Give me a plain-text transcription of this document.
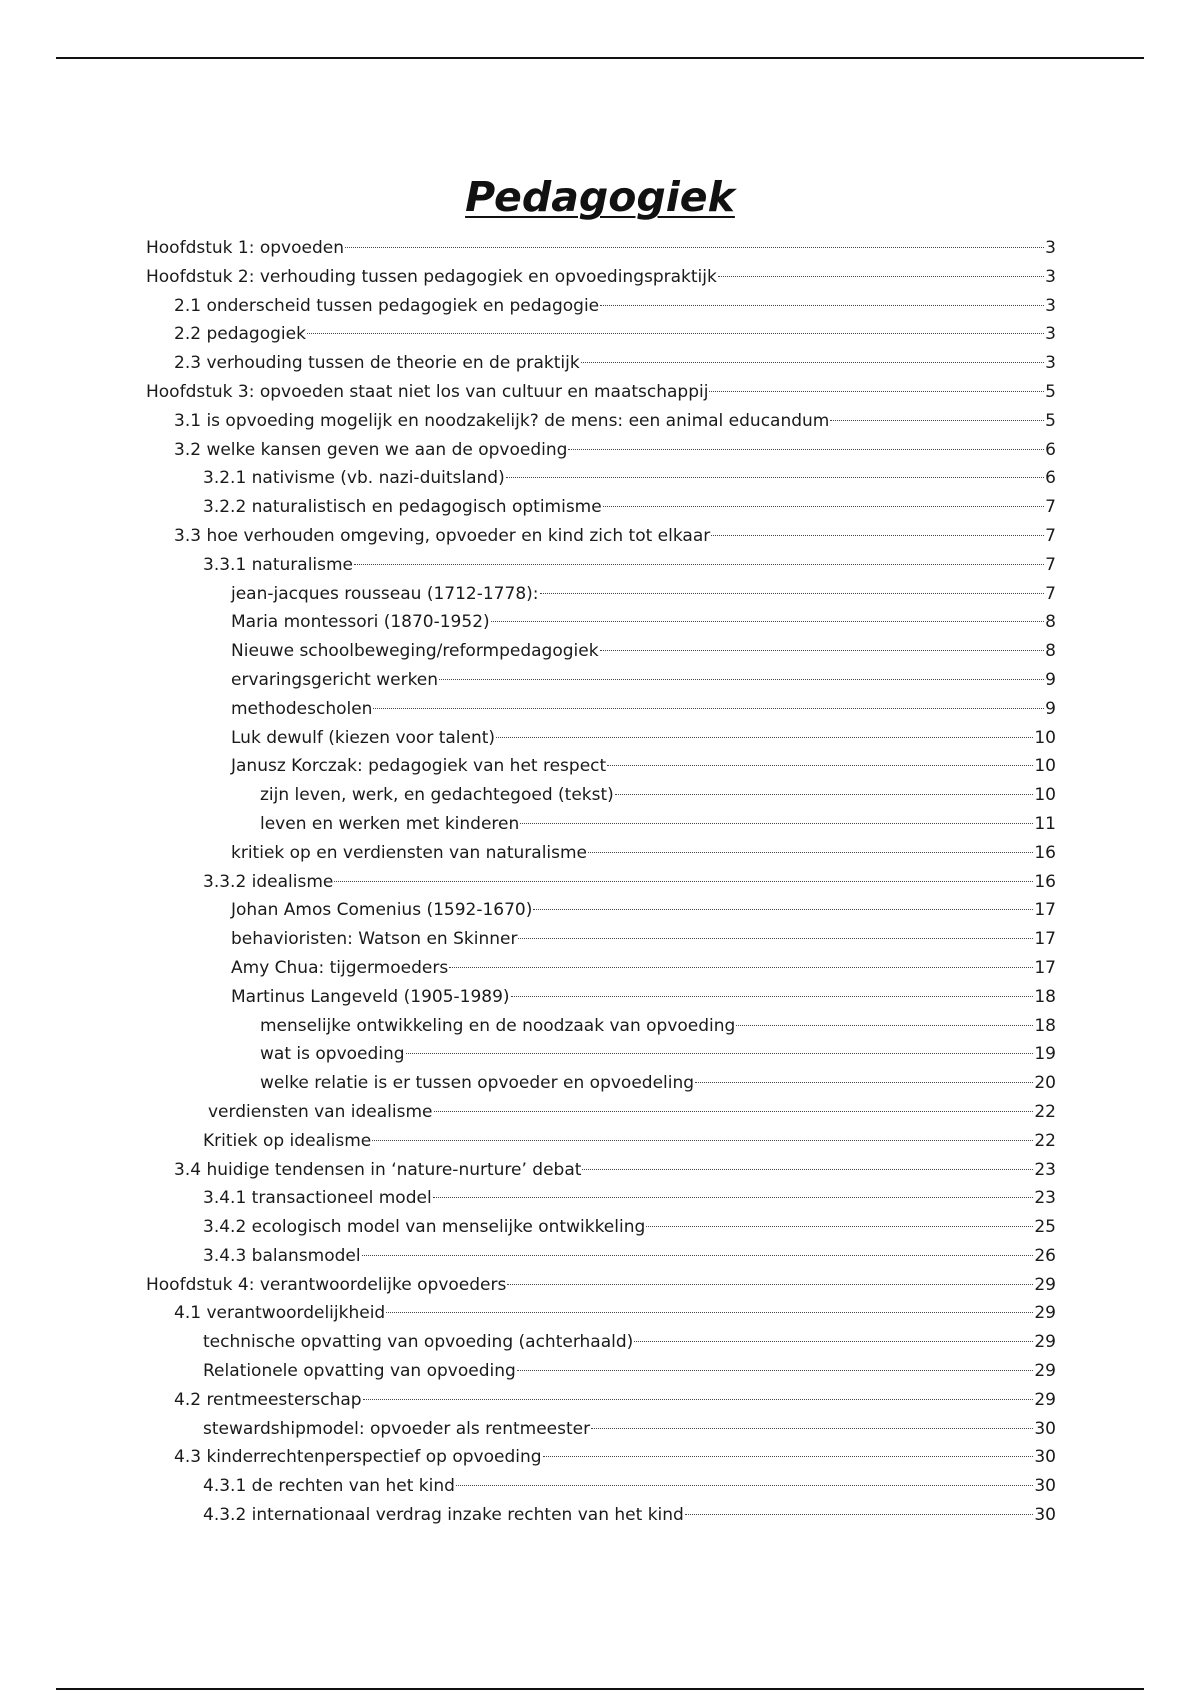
Pedagogiek
Hoofdstuk 1: opvoeden	3
Hoofdstuk 2: verhouding tussen pedagogiek en opvoedingspraktijk	3
2.1 onderscheid tussen pedagogiek en pedagogie	3
2.2 pedagogiek	3
2.3 verhouding tussen de theorie en de praktijk	3
Hoofdstuk 3: opvoeden staat niet los van cultuur en maatschappij	5
3.1 is opvoeding mogelijk en noodzakelijk? de mens: een animal educandum	5
3.2 welke kansen geven we aan de opvoeding	6
3.2.1 nativisme (vb. nazi-duitsland)	6
3.2.2 naturalistisch en pedagogisch optimisme	7
3.3 hoe verhouden omgeving, opvoeder en kind zich tot elkaar	7
3.3.1 naturalisme	7
jean-jacques rousseau (1712-1778):	7
Maria montessori (1870-1952)	8
Nieuwe schoolbeweging/reformpedagogiek	8
ervaringsgericht werken	9
methodescholen	9
Luk dewulf (kiezen voor talent)	10
Janusz Korczak: pedagogiek van het respect	10
zijn leven, werk, en gedachtegoed (tekst)	10
leven en werken met kinderen	11
kritiek op en verdiensten van naturalisme	16
3.3.2 idealisme	16
Johan Amos Comenius (1592-1670)	17
behavioristen: Watson en Skinner	17
Amy Chua: tijgermoeders	17
Martinus Langeveld (1905-1989)	18
menselijke ontwikkeling en de noodzaak van opvoeding	18
wat is opvoeding	19
welke relatie is er tussen opvoeder en opvoedeling	20
verdiensten van idealisme	22
Kritiek op idealisme	22
3.4 huidige tendensen in ‘nature-nurture’ debat	23
3.4.1 transactioneel model	23
3.4.2 ecologisch model van menselijke ontwikkeling	25
3.4.3 balansmodel	26
Hoofdstuk 4: verantwoordelijke opvoeders	29
4.1 verantwoordelijkheid	29
technische opvatting van opvoeding (achterhaald)	29
Relationele opvatting van opvoeding	29
4.2 rentmeesterschap	29
stewardshipmodel: opvoeder als rentmeester	30
4.3 kinderrechtenperspectief op opvoeding	30
4.3.1 de rechten van het kind	30
4.3.2 internationaal verdrag inzake rechten van het kind	30
